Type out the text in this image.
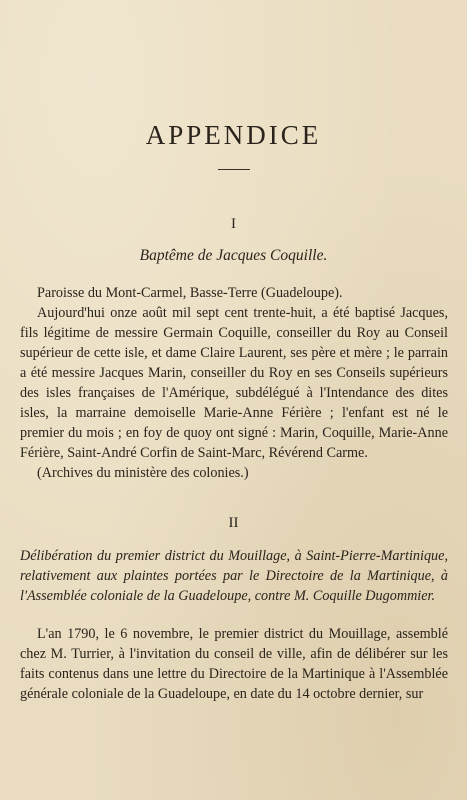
APPENDICE
I
Baptême de Jacques Coquille.

Paroisse du Mont-Carmel, Basse-Terre (Guadeloupe).

Aujourd'hui onze août mil sept cent trente-huit, a été baptisé Jacques, fils légitime de messire Germain Coquille, conseiller du Roy au Conseil supérieur de cette isle, et dame Claire Laurent, ses père et mère ; le parrain a été messire Jacques Marin, conseiller du Roy en ses Conseils supérieurs des isles françaises de l'Amérique, subdélégué à l'Intendance des dites isles, la marraine demoiselle Marie-Anne Férière ; l'enfant est né le premier du mois ; en foy de quoy ont signé : Marin, Coquille, Marie-Anne Férière, Saint-André Corfin de Saint-Marc, Révérend Carme.

(Archives du ministère des colonies.)

II
Délibération du premier district du Mouillage, à Saint-Pierre-Martinique, relativement aux plaintes portées par le Directoire de la Martinique, à l'Assemblée coloniale de la Guadeloupe, contre M. Coquille Dugommier.

L'an 1790, le 6 novembre, le premier district du Mouillage, assemblé chez M. Turrier, à l'invitation du conseil de ville, afin de délibérer sur les faits contenus dans une lettre du Directoire de la Martinique à l'Assemblée générale coloniale de la Guadeloupe, en date du 14 octobre dernier, sur
